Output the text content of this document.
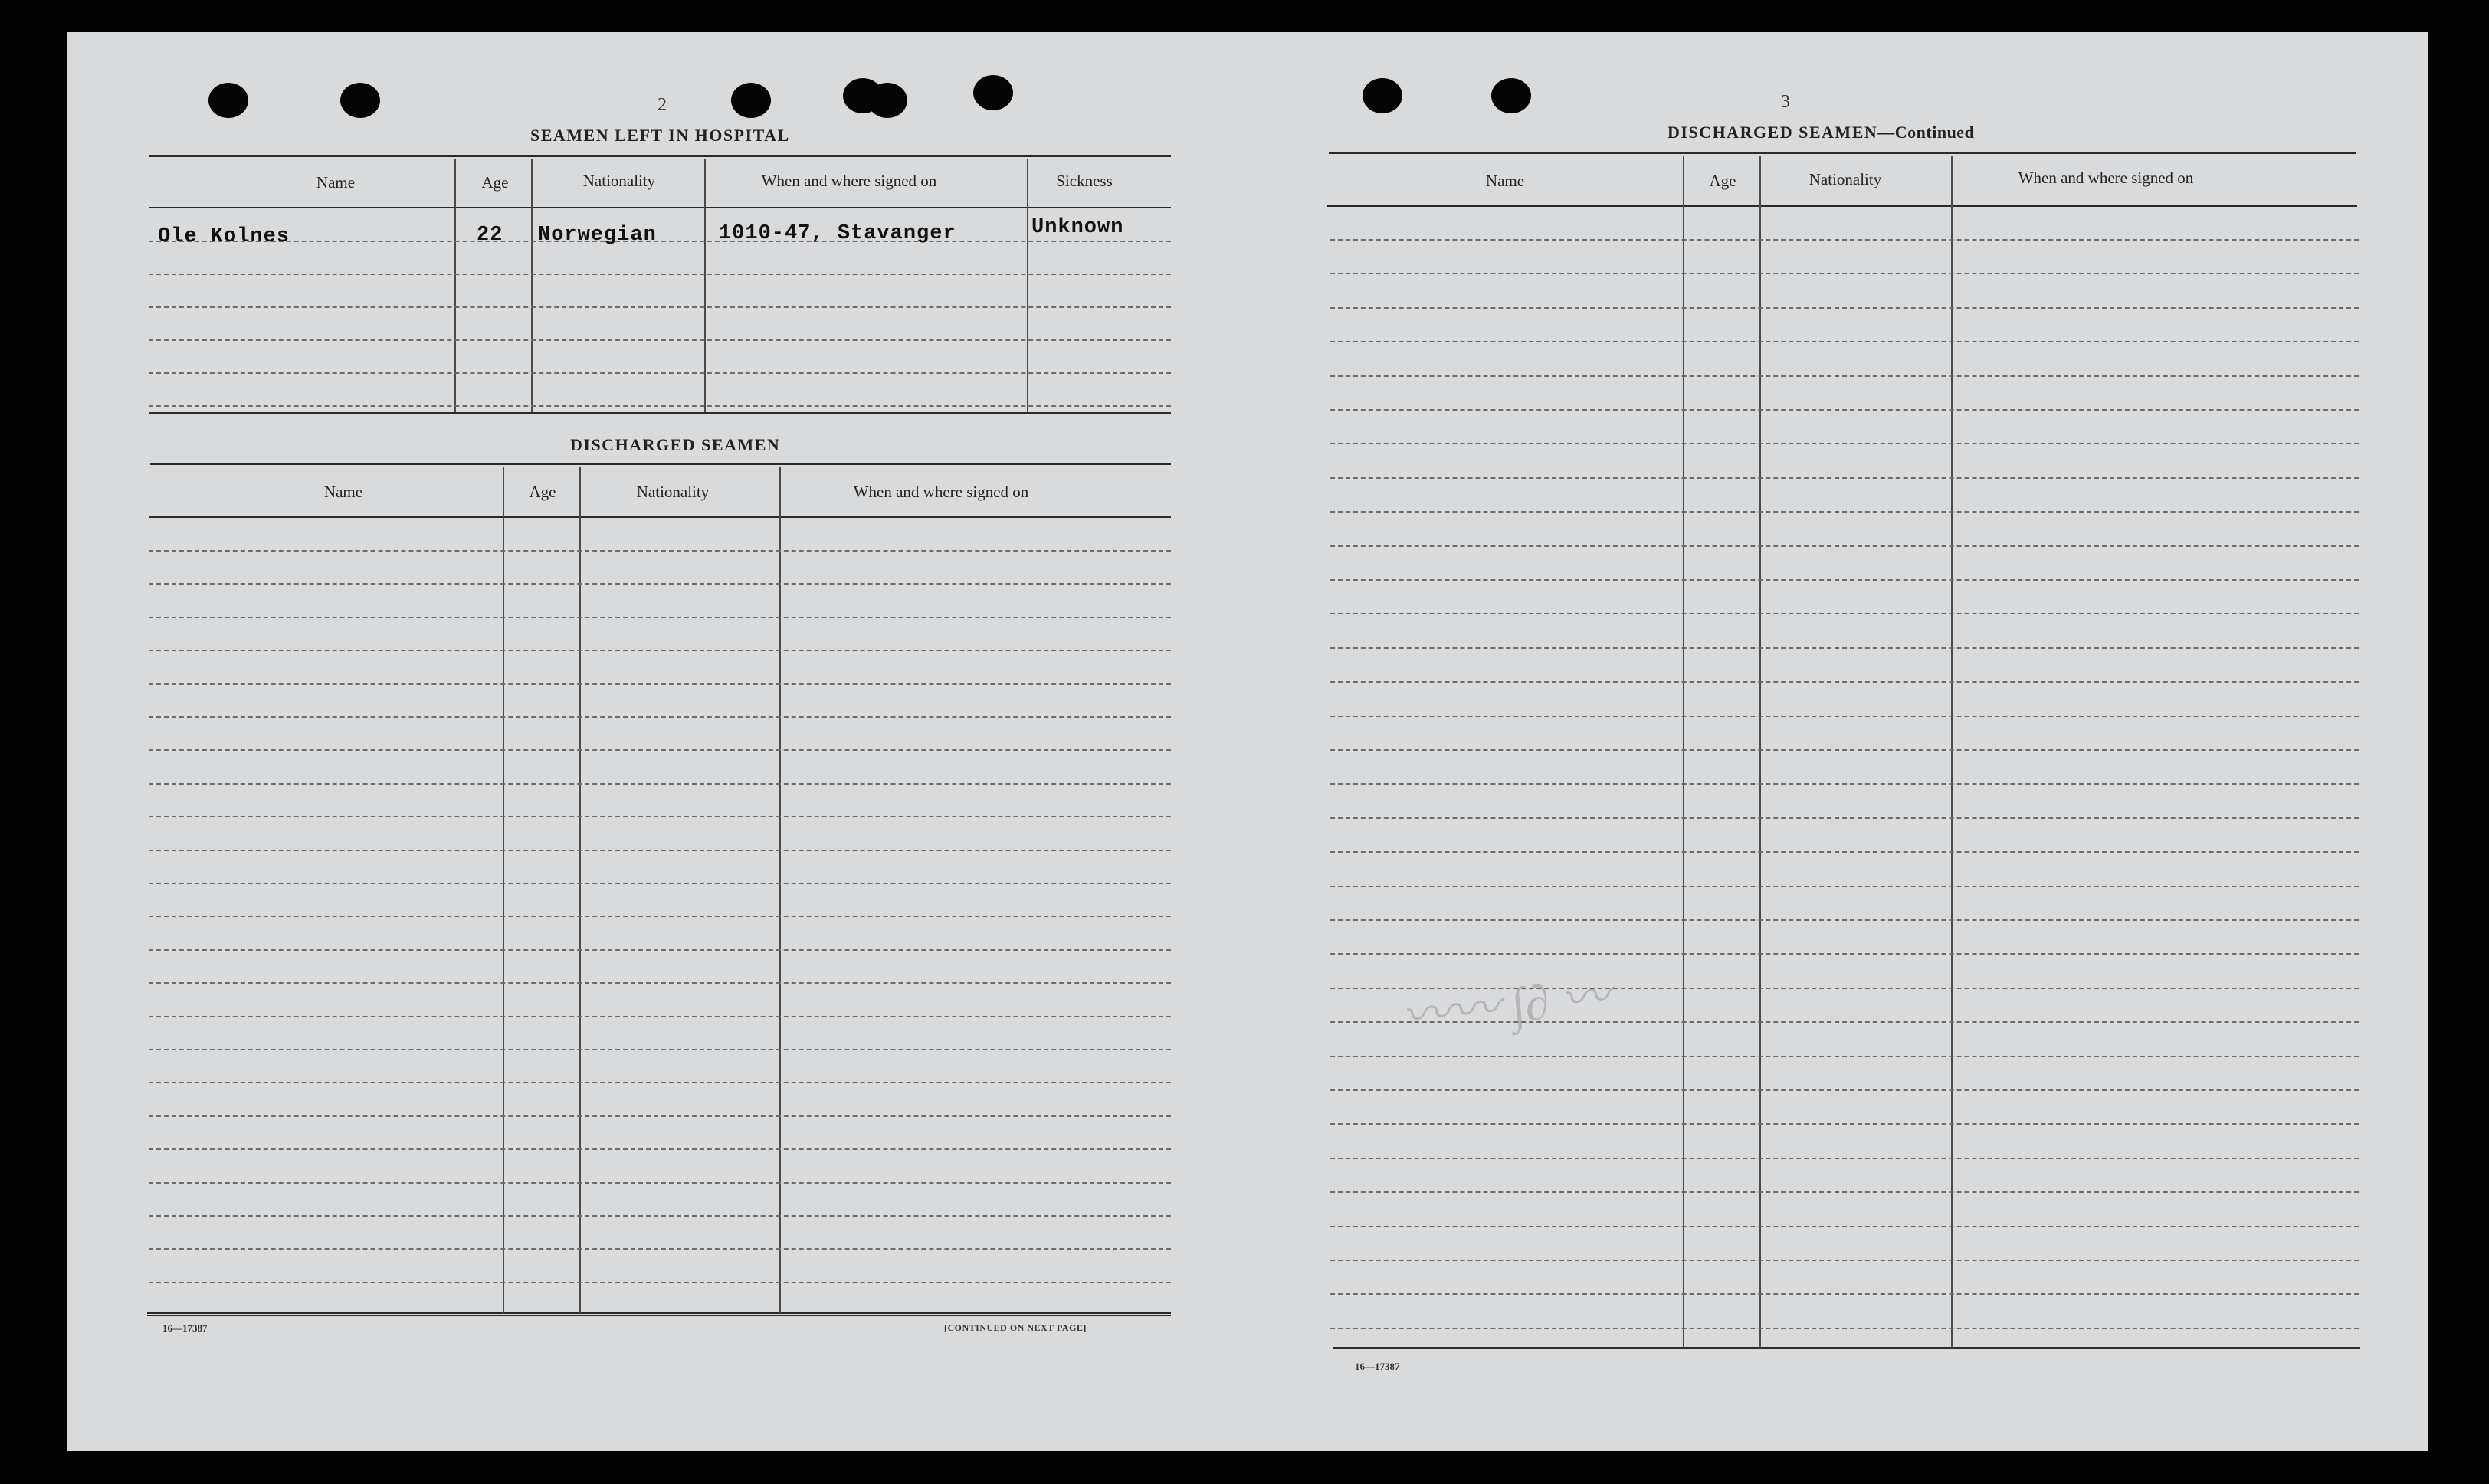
2
SEAMEN LEFT IN HOSPITAL
Name	Age	Nationality	When and where signed on	Sickness
Ole Kolnes	22 Norwegian	1010-47, Stavanger	Unknown
DISCHARGED SEAMEN
Name	Age	Nationality	When and where signed on
16—17387	[CONTINUED ON NEXT PAGE]
3
DISCHARGED SEAMEN—Continued
Name	Age	Nationality	When and where signed on
16—17387
〰〰 ∫∂ 〰
